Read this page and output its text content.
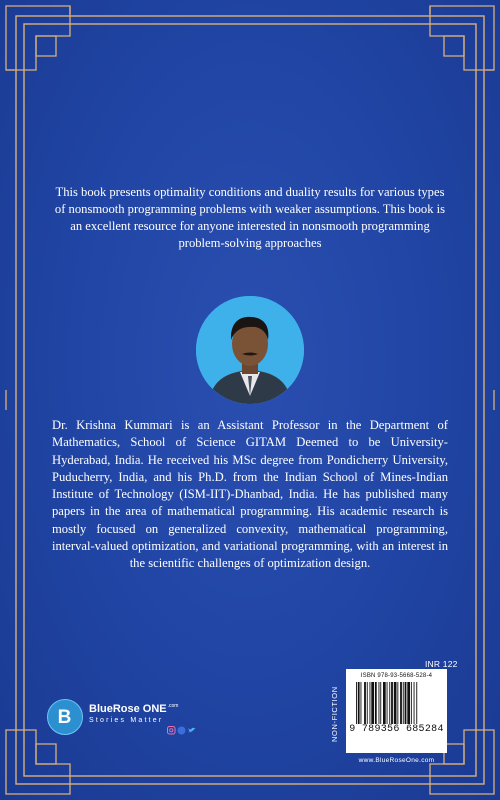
This book presents optimality conditions and duality results for various types of nonsmooth programming problems with weaker assumptions. This book is an excellent resource for anyone interested in nonsmooth programming problem-solving approaches

Dr. Krishna Kummari is an Assistant Professor in the Department of Mathematics, School of Science GITAM Deemed to be University-Hyderabad, India. He received his MSc degree from Pondicherry University, Puducherry, India, and his Ph.D. from the Indian School of Mines-Indian Institute of Technology (ISM-IIT)-Dhanbad, India. He has published many papers in the area of mathematical programming. His academic research is mostly focused on generalized convexity, mathematical programming, interval-valued optimization, and variational programming, with an interest in the scientific challenges of optimization design.

INR 122
NON-FICTION
ISBN 978-93-5668-528-4
9 789356 685284
www.BlueRoseOne.com
B BlueRose $ONE^{.com}$
Stories Matter
